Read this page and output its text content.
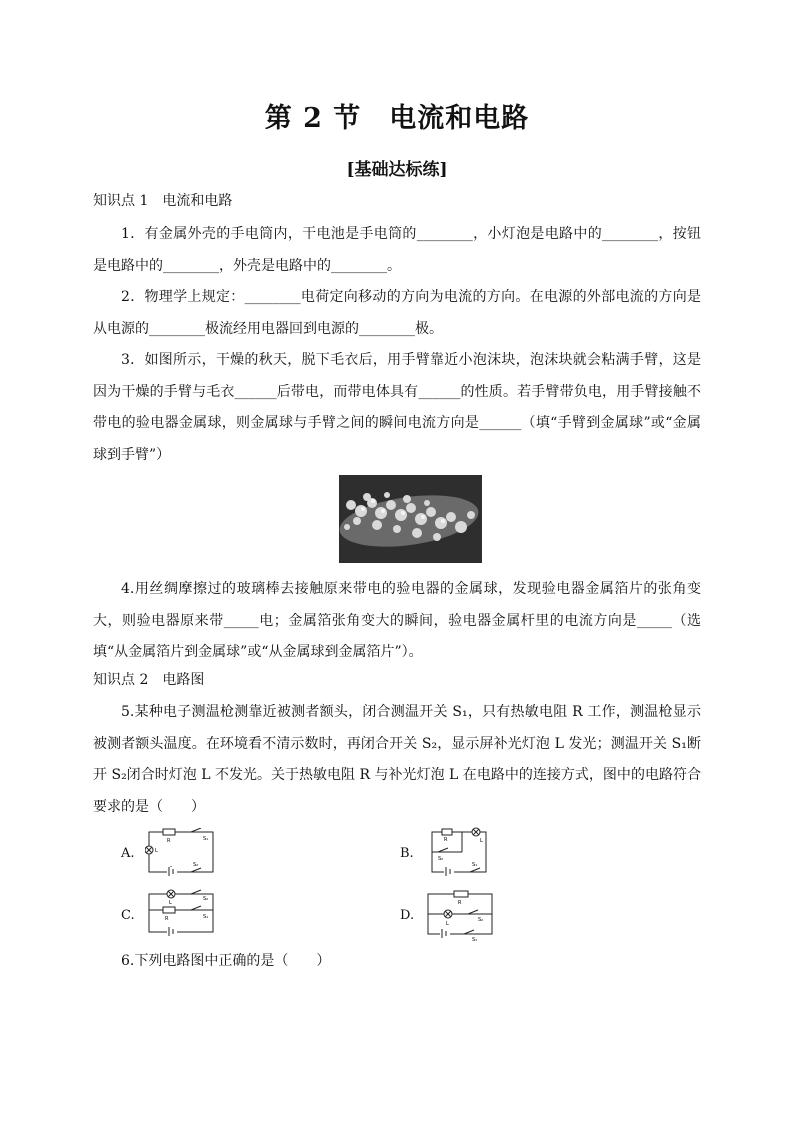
第 2 节　电流和电路
[基础达标练]
知识点 1　电流和电路
1．有金属外壳的手电筒内，干电池是手电筒的________，小灯泡是电路中的________，按钮是电路中的________，外壳是电路中的________。
2．物理学上规定：________电荷定向移动的方向为电流的方向。在电源的外部电流的方向是从电源的________极流经用电器回到电源的________极。
3．如图所示，干燥的秋天，脱下毛衣后，用手臂靠近小泡沫块，泡沫块就会粘满手臂，这是因为干燥的手臂与毛衣______后带电，而带电体具有______的性质。若手臂带负电，用手臂接触不带电的验电器金属球，则金属球与手臂之间的瞬间电流方向是______（填“手臂到金属球”或“金属球到手臂”）
4.用丝绸摩擦过的玻璃棒去接触原来带电的验电器的金属球，发现验电器金属箔片的张角变大，则验电器原来带_____电；金属箔张角变大的瞬间，验电器金属杆里的电流方向是_____（选填“从金属箔片到金属球”或“从金属球到金属箔片”）。
知识点 2　电路图
5.某种电子测温枪测靠近被测者额头，闭合测温开关 S₁，只有热敏电阻 R 工作，测温枪显示被测者额头温度。在环境看不清示数时，再闭合开关 S₂，显示屏补光灯泡 L 发光；测温开关 S₁断开 S₂闭合时灯泡 L 不发光。关于热敏电阻 R 与补光灯泡 L 在电路中的连接方式，图中的电路符合要求的是（　　）
A.
R	S₁
L
S₂
B.
R	L
S₂
S₁
C.
L
S₂
R	S₁	D.
R
L
S₂
S₁
6.下列电路图中正确的是（　　）
